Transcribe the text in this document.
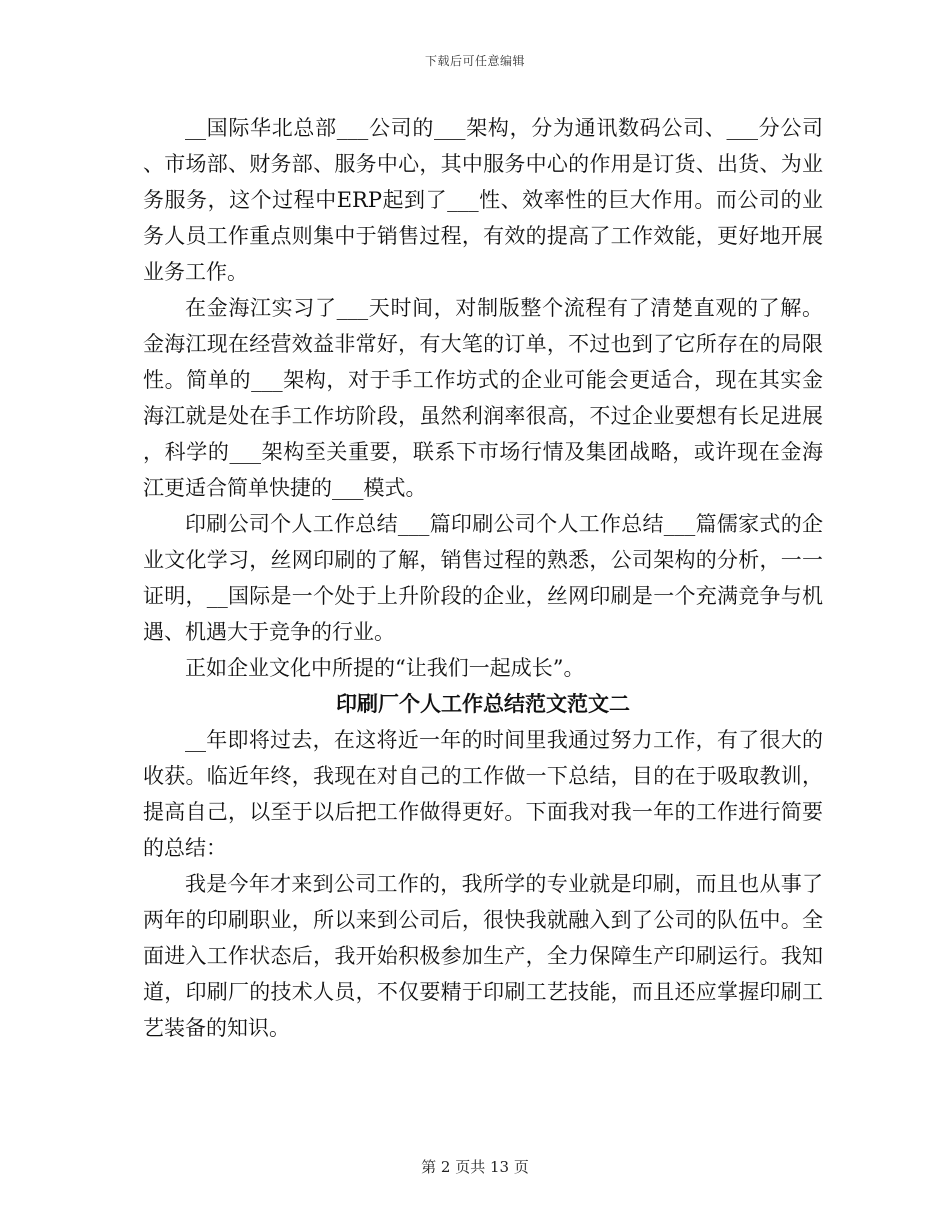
下载后可任意编辑

__国际华北总部___公司的___架构，分为通讯数码公司、___分公司、市场部、财务部、服务中心，其中服务中心的作用是订货、出货、为业务服务，这个过程中ERP起到了___性、效率性的巨大作用。而公司的业务人员工作重点则集中于销售过程，有效的提高了工作效能，更好地开展业务工作。

在金海江实习了___天时间，对制版整个流程有了清楚直观的了解。金海江现在经营效益非常好，有大笔的订单，不过也到了它所存在的局限性。简单的___架构，对于手工作坊式的企业可能会更适合，现在其实金海江就是处在手工作坊阶段，虽然利润率很高，不过企业要想有长足进展，科学的___架构至关重要，联系下市场行情及集团战略，或许现在金海江更适合简单快捷的___模式。

印刷公司个人工作总结___篇印刷公司个人工作总结___篇儒家式的企业文化学习，丝网印刷的了解，销售过程的熟悉，公司架构的分析，一一证明，__国际是一个处于上升阶段的企业，丝网印刷是一个充满竞争与机遇、机遇大于竞争的行业。

正如企业文化中所提的“让我们一起成长”。

印刷厂个人工作总结范文范文二

__年即将过去，在这将近一年的时间里我通过努力工作，有了很大的收获。临近年终，我现在对自己的工作做一下总结，目的在于吸取教训，提高自己，以至于以后把工作做得更好。下面我对我一年的工作进行简要的总结：

我是今年才来到公司工作的，我所学的专业就是印刷，而且也从事了两年的印刷职业，所以来到公司后，很快我就融入到了公司的队伍中。全面进入工作状态后，我开始积极参加生产，全力保障生产印刷运行。我知道，印刷厂的技术人员，不仅要精于印刷工艺技能，而且还应掌握印刷工艺装备的知识。

第 2 页共 13 页
